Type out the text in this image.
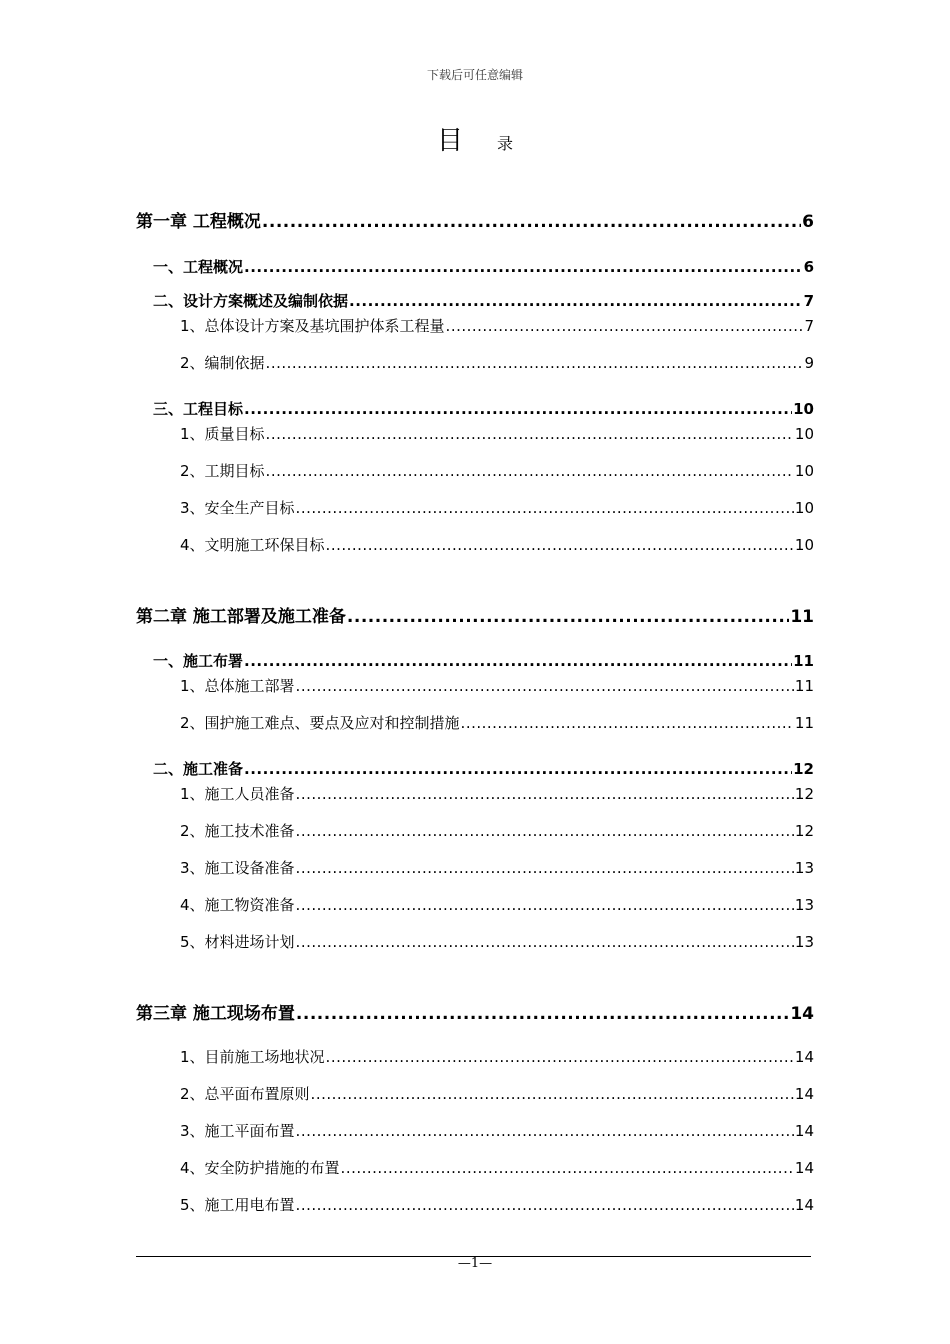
下载后可任意编辑
目 录
第一章 工程概况 .....	6
一、工程概况 .....	6
二、设计方案概述及编制依据 .....	7
1、总体设计方案及基坑围护体系工程量 .....	7
2、编制依据 .....	9
三、工程目标 .....	10
1、质量目标 .....	10
2、工期目标 .....	10
3、安全生产目标 .....	10
4、文明施工环保目标 .....	10
第二章 施工部署及施工准备 .....	11
一、施工布署 .....	11
1、总体施工部署 .....	11
2、围护施工难点、要点及应对和控制措施 .....	11
二、施工准备 .....	12
1、施工人员准备 .....	12
2、施工技术准备 .....	12
3、施工设备准备 .....	13
4、施工物资准备 .....	13
5、材料进场计划 .....	13
第三章 施工现场布置 .....	14
1、目前施工场地状况 .....	14
2、总平面布置原则 .....	14
3、施工平面布置 .....	14
4、安全防护措施的布置 .....	14
5、施工用电布置 .....	14
—1—
